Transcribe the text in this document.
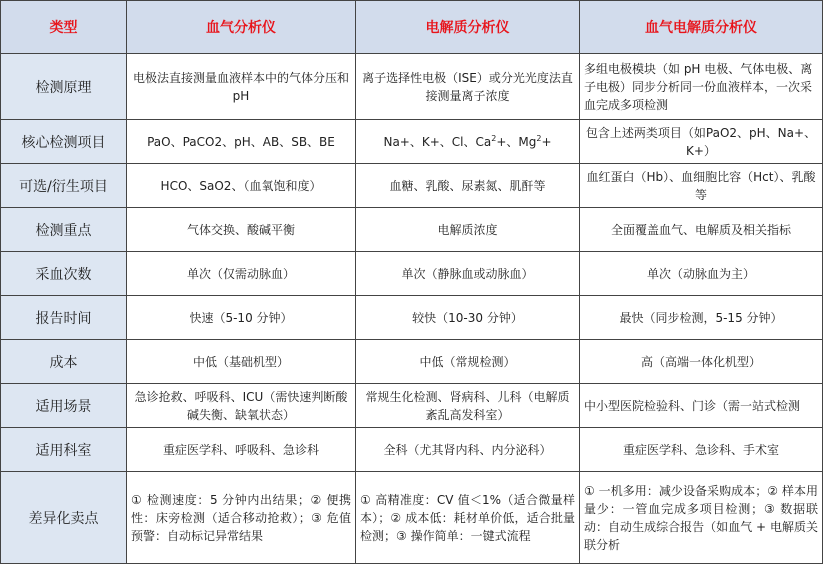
类型	血气分析仪	电解质分析仪	血气电解质分析仪
检测原理	电极法直接测量血液样本中的气体分压和 pH	离子选择性电极（ISE）或分光光度法直接测量离子浓度	多组电极模块（如 pH 电极、气体电极、离子电极）同步分析同一份血液样本，一次采血完成多项检测
核心检测项目	PaO、PaCO2、pH、AB、SB、BE	Na+、K+、Cl、$Ca^2+$、$Mg^2+$	包含上述两类项目（如PaO2、pH、Na+、K+）
可选/衍生项目	HCO、SaO2、（血氧饱和度）	血糖、乳酸、尿素氮、肌酐等	血红蛋白（Hb）、血细胞比容（Hct）、乳酸等
检测重点	气体交换、酸碱平衡	电解质浓度	全面覆盖血气、电解质及相关指标
采血次数	单次（仅需动脉血）	单次（静脉血或动脉血）	单次（动脉血为主）
报告时间	快速（5-10 分钟）	较快（10-30 分钟）	最快（同步检测，5-15 分钟）
成本	中低（基础机型）	中低（常规检测）	高（高端一体化机型）
适用场景	急诊抢救、呼吸科、ICU（需快速判断酸碱失衡、缺氧状态）	常规生化检测、肾病科、儿科（电解质紊乱高发科室）	中小型医院检验科、门诊（需一站式检测
适用科室	重症医学科、呼吸科、急诊科	全科（尤其肾内科、内分泌科）	重症医学科、急诊科、手术室
差异化卖点	① 检测速度：5 分钟内出结果；② 便携性：床旁检测（适合移动抢救）；③ 危值预警：自动标记异常结果	① 高精准度：CV 值＜1%（适合微量样本）；② 成本低：耗材单价低，适合批量检测；③ 操作简单：一键式流程	① 一机多用：减少设备采购成本；② 样本用量少：一管血完成多项目检测；③ 数据联动：自动生成综合报告（如血气 + 电解质关联分析
